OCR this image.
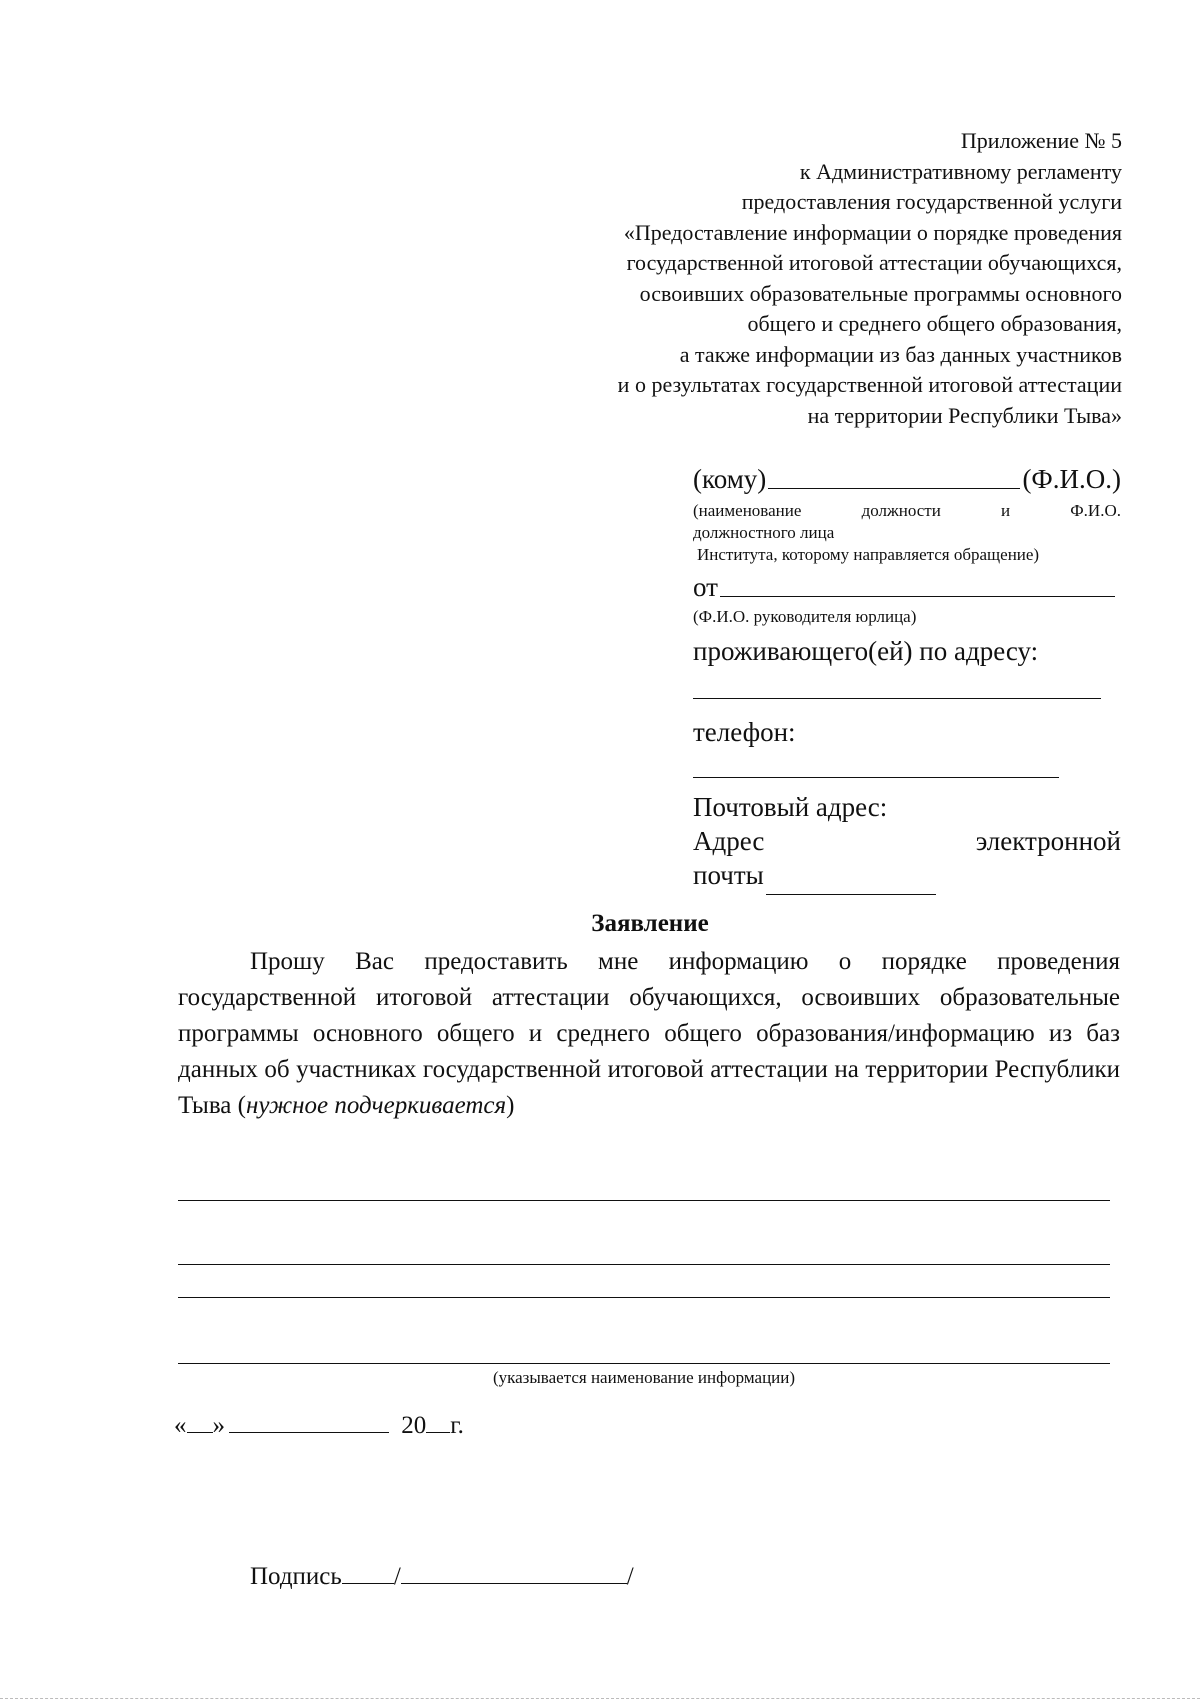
Приложение № 5
к Административному регламенту
предоставления государственной услуги
«Предоставление информации о порядке проведения
государственной итоговой аттестации обучающихся,
освоивших образовательные программы основного
общего и среднего общего образования,
а также информации из баз данных участников
и о результатах государственной итоговой аттестации
на территории Республики Тыва»
(кому)	(Ф.И.О.)
(наименование	должности	и	Ф.И.О.
должностного лица
Института, которому направляется обращение)
от
(Ф.И.О. руководителя юрлица)
проживающего(ей) по адресу:
телефон:
Почтовый адрес:
Адрес	электронной
почты
Заявление
Прошу Вас предоставить мне информацию о порядке проведения государственной итоговой аттестации обучающихся, освоивших образовательные программы основного общего и среднего общего образования/информацию из баз данных об участниках государственной итоговой аттестации на территории Республики Тыва (нужное подчеркивается)
(указывается наименование информации)
« »	20 г.
Подпись /	/
